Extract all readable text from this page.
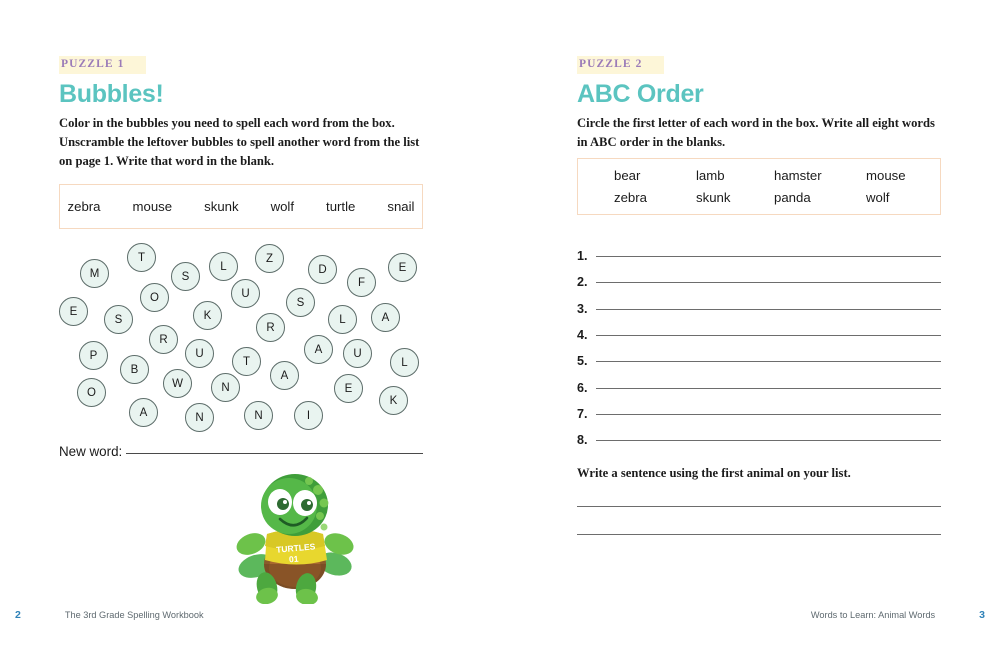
PUZZLE 1
Bubbles!
Color in the bubbles you need to spell each word from the box. Unscramble the leftover bubbles to spell another word from the list on page 1. Write that word in the blank.
zebra mouse skunk wolf turtle snail
M
T
S
L
Z
D
F
E
O	U
E
S	K
S
L	A
R
R
P	U
T
A	U
L
B	A
W	N
O	E
K
A	N	N	I
New word:
TURTLES
01
2	The 3rd Grade Spelling Workbook
PUZZLE 2
ABC Order
Circle the first letter of each word in the box. Write all eight words in ABC order in the blanks.
bear	lamb	hamster	mouse
zebra	skunk	panda	wolf
1.
2.
3.
4.
5.
6.
7.
8.
Write a sentence using the first animal on your list.
Words to Learn: Animal Words	3
